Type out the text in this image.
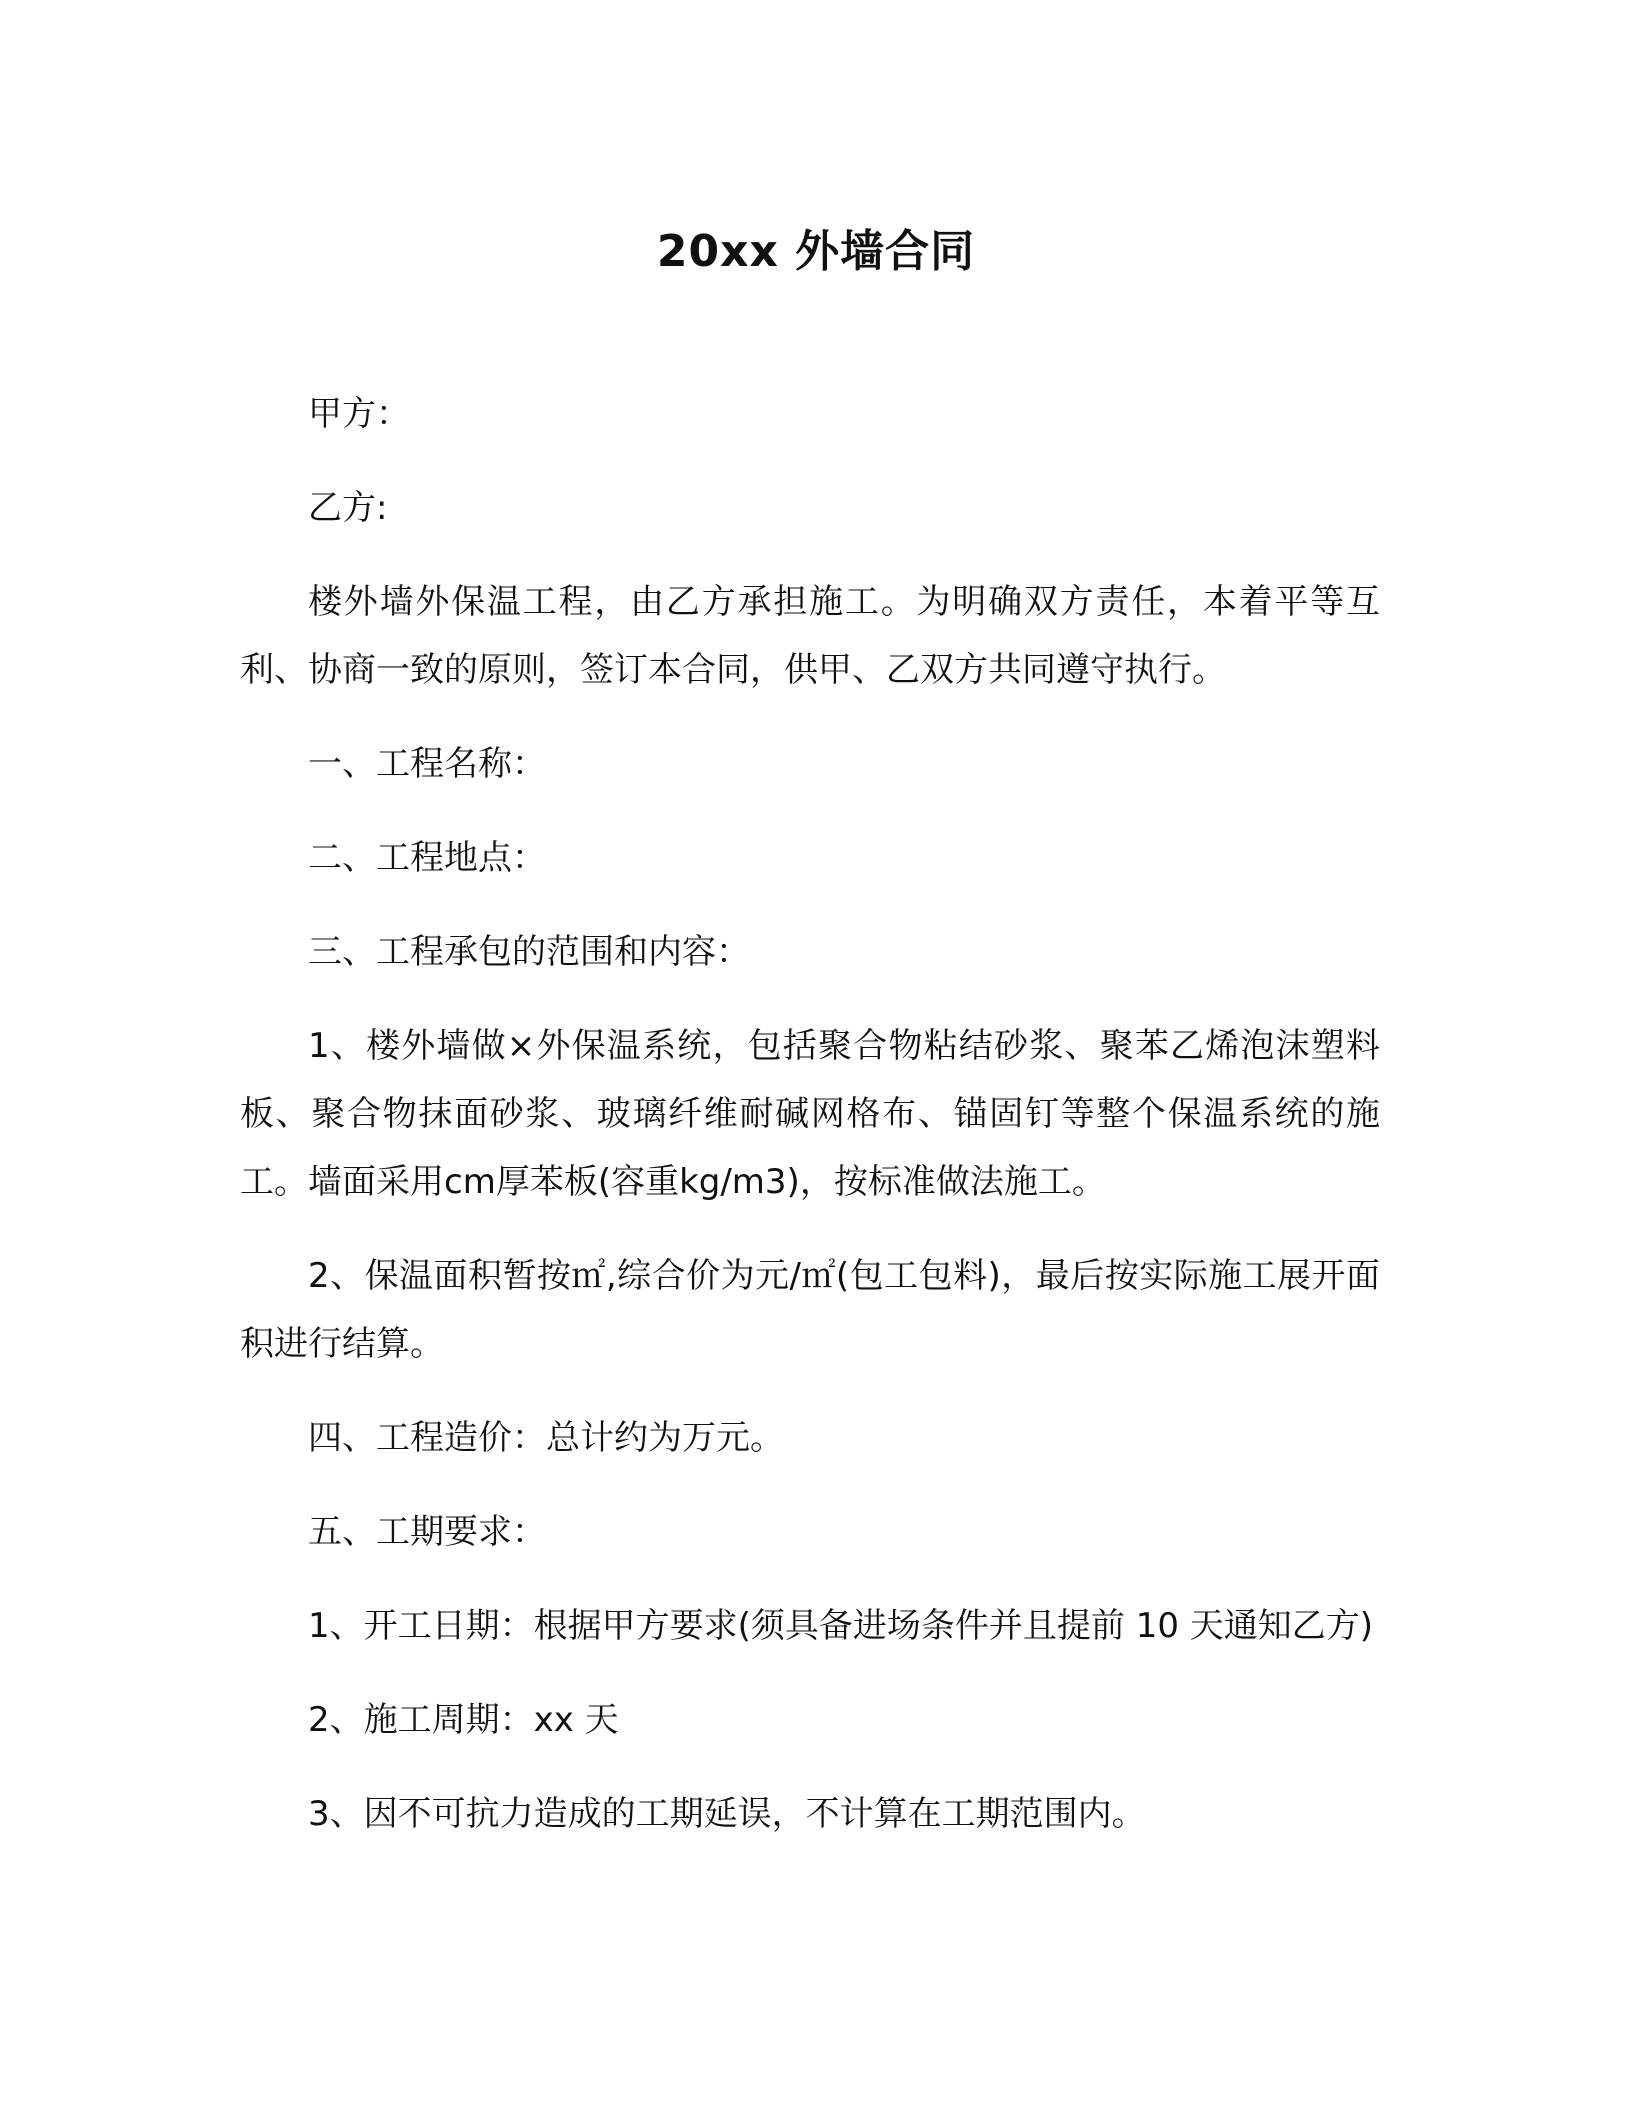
20xx 外墙合同

甲方：

乙方:

楼外墙外保温工程，由乙方承担施工。为明确双方责任，本着平等互利、协商一致的原则，签订本合同，供甲、乙双方共同遵守执行。

一、工程名称：

二、工程地点：

三、工程承包的范围和内容：

1、楼外墙做×外保温系统，包括聚合物粘结砂浆、聚苯乙烯泡沫塑料板、聚合物抹面砂浆、玻璃纤维耐碱网格布、锚固钉等整个保温系统的施工。墙面采用cm厚苯板(容重kg/m3)，按标准做法施工。

2、保温面积暂按㎡,综合价为元/㎡(包工包料)，最后按实际施工展开面积进行结算。

四、工程造价：总计约为万元。

五、工期要求：

1、开工日期：根据甲方要求(须具备进场条件并且提前 10 天通知乙方)

2、施工周期：xx 天

3、因不可抗力造成的工期延误，不计算在工期范围内。
